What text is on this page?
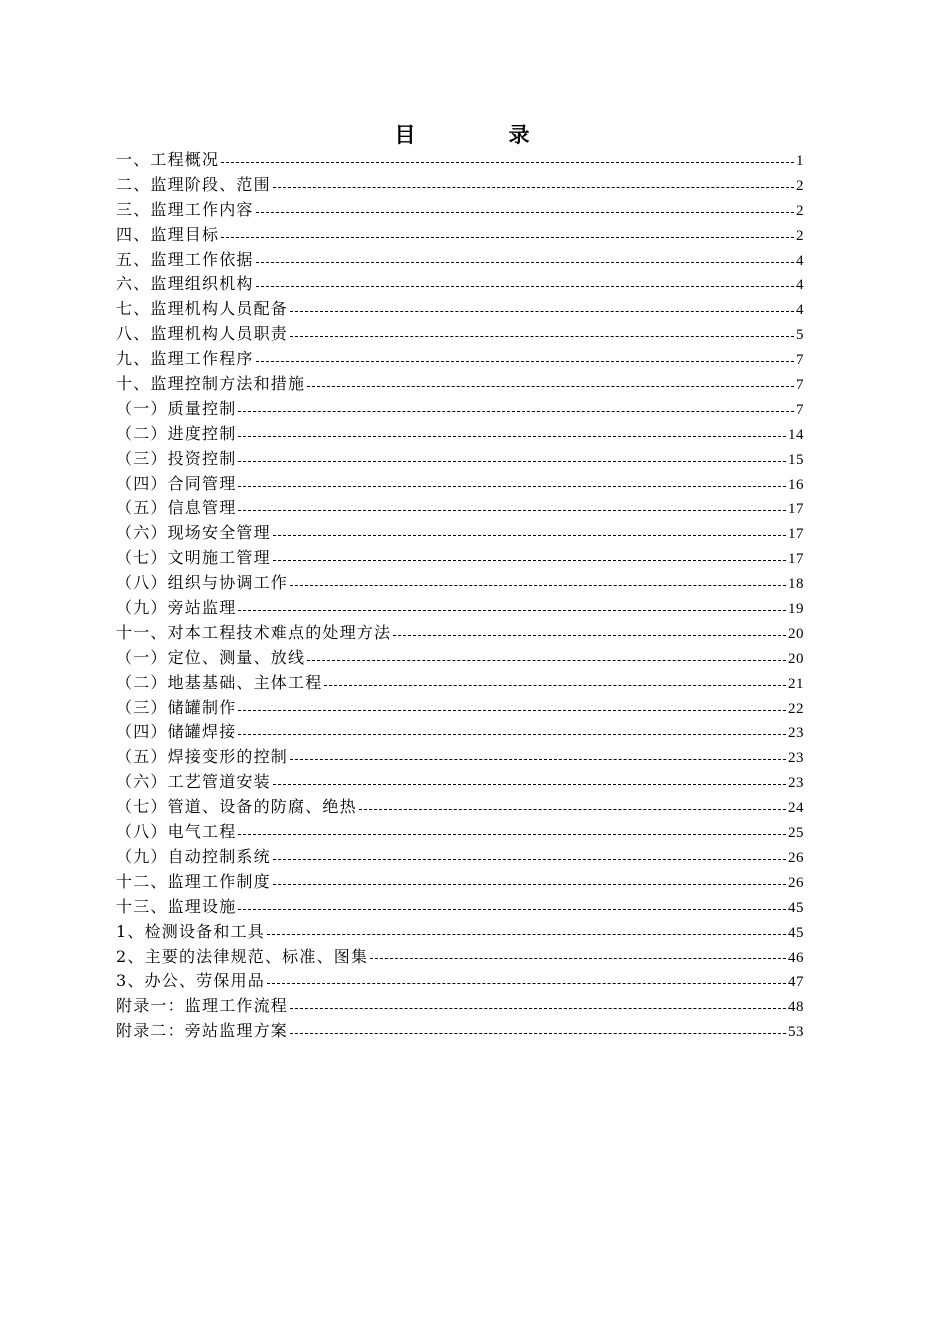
目　录
一、工程概况	1
二、监理阶段、范围	2
三、监理工作内容	2
四、监理目标	2
五、监理工作依据	4
六、监理组织机构	4
七、监理机构人员配备	4
八、监理机构人员职责	5
九、监理工作程序	7
十、监理控制方法和措施	7
（一）质量控制	7
（二）进度控制	14
（三）投资控制	15
（四）合同管理	16
（五）信息管理	17
（六）现场安全管理	17
（七）文明施工管理	17
（八）组织与协调工作	18
（九）旁站监理	19
十一、对本工程技术难点的处理方法	20
（一）定位、测量、放线	20
（二）地基基础、主体工程	21
（三）储罐制作	22
（四）储罐焊接	23
（五）焊接变形的控制	23
（六）工艺管道安装	23
（七）管道、设备的防腐、绝热	24
（八）电气工程	25
（九）自动控制系统	26
十二、监理工作制度	26
十三、监理设施	45
1、检测设备和工具	45
2、主要的法律规范、标准、图集	46
3、办公、劳保用品	47
附录一：监理工作流程	48
附录二：旁站监理方案	53
